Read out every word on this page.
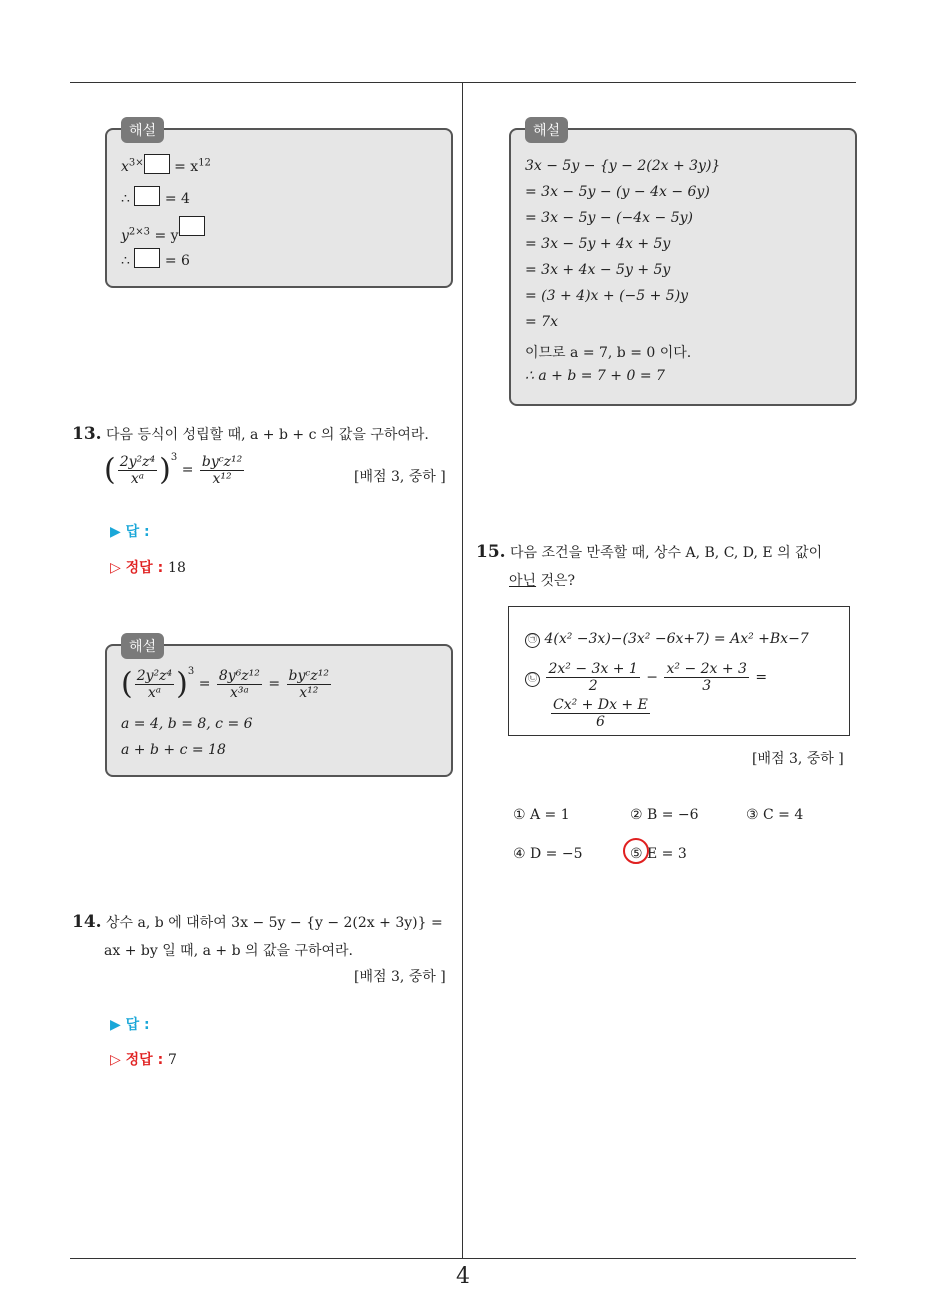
4
해설
$x^{3\times} = x^{12}$
∴ = 4
$y^{2\times 3} = y$
∴ = 6
13. 다음 등식이 성립할 때, a + b + c 의 값을 구하여라.
( $\frac{\text{2y²z⁴}}{\text{xᵃ}} )^3 = \frac{\text{byᶜz¹²}}{\text{x¹²}}$	[배점 3, 중하 ]
▶ 답 :
▷ 정답 : 18
해설
( $\frac{\text{2y²z⁴}}{\text{xᵃ}} )^3 = \frac{\text{8y⁶z¹²}}{\text{x³ᵃ}} = \frac{\text{byᶜz¹²}}{\text{x¹²}}$
a = 4, b = 8, c = 6
a + b + c = 18
14. 상수 a, b 에 대하여 3x − 5y − {y − 2(2x + 3y)} =
ax + by 일 때, a + b 의 값을 구하여라.
[배점 3, 중하 ]
▶ 답 :
▷ 정답 : 7
해설
3x − 5y − {y − 2(2x + 3y)}
= 3x − 5y − (y − 4x − 6y)
= 3x − 5y − (−4x − 5y)
= 3x − 5y + 4x + 5y
= 3x + 4x − 5y + 5y
= (3 + 4)x + (−5 + 5)y
= 7x
이므로 a = 7, b = 0 이다.
∴ a + b = 7 + 0 = 7
15. 다음 조건을 만족할 때, 상수 A, B, C, D, E 의 값이
아닌 것은?
㉠ 4(x² −3x)−(3x² −6x+7) = Ax² +Bx−7
㉡ $\frac{\text{2x² − 3x + 1}}{2} - \frac{\text{x² − 2x + 3}}{3}$ =
$\frac{\text{Cx² + Dx + E}}{6}$
[배점 3, 중하 ]
① A = 1	② B = −6	③ C = 4
④ D = −5	⑤ E = 3
